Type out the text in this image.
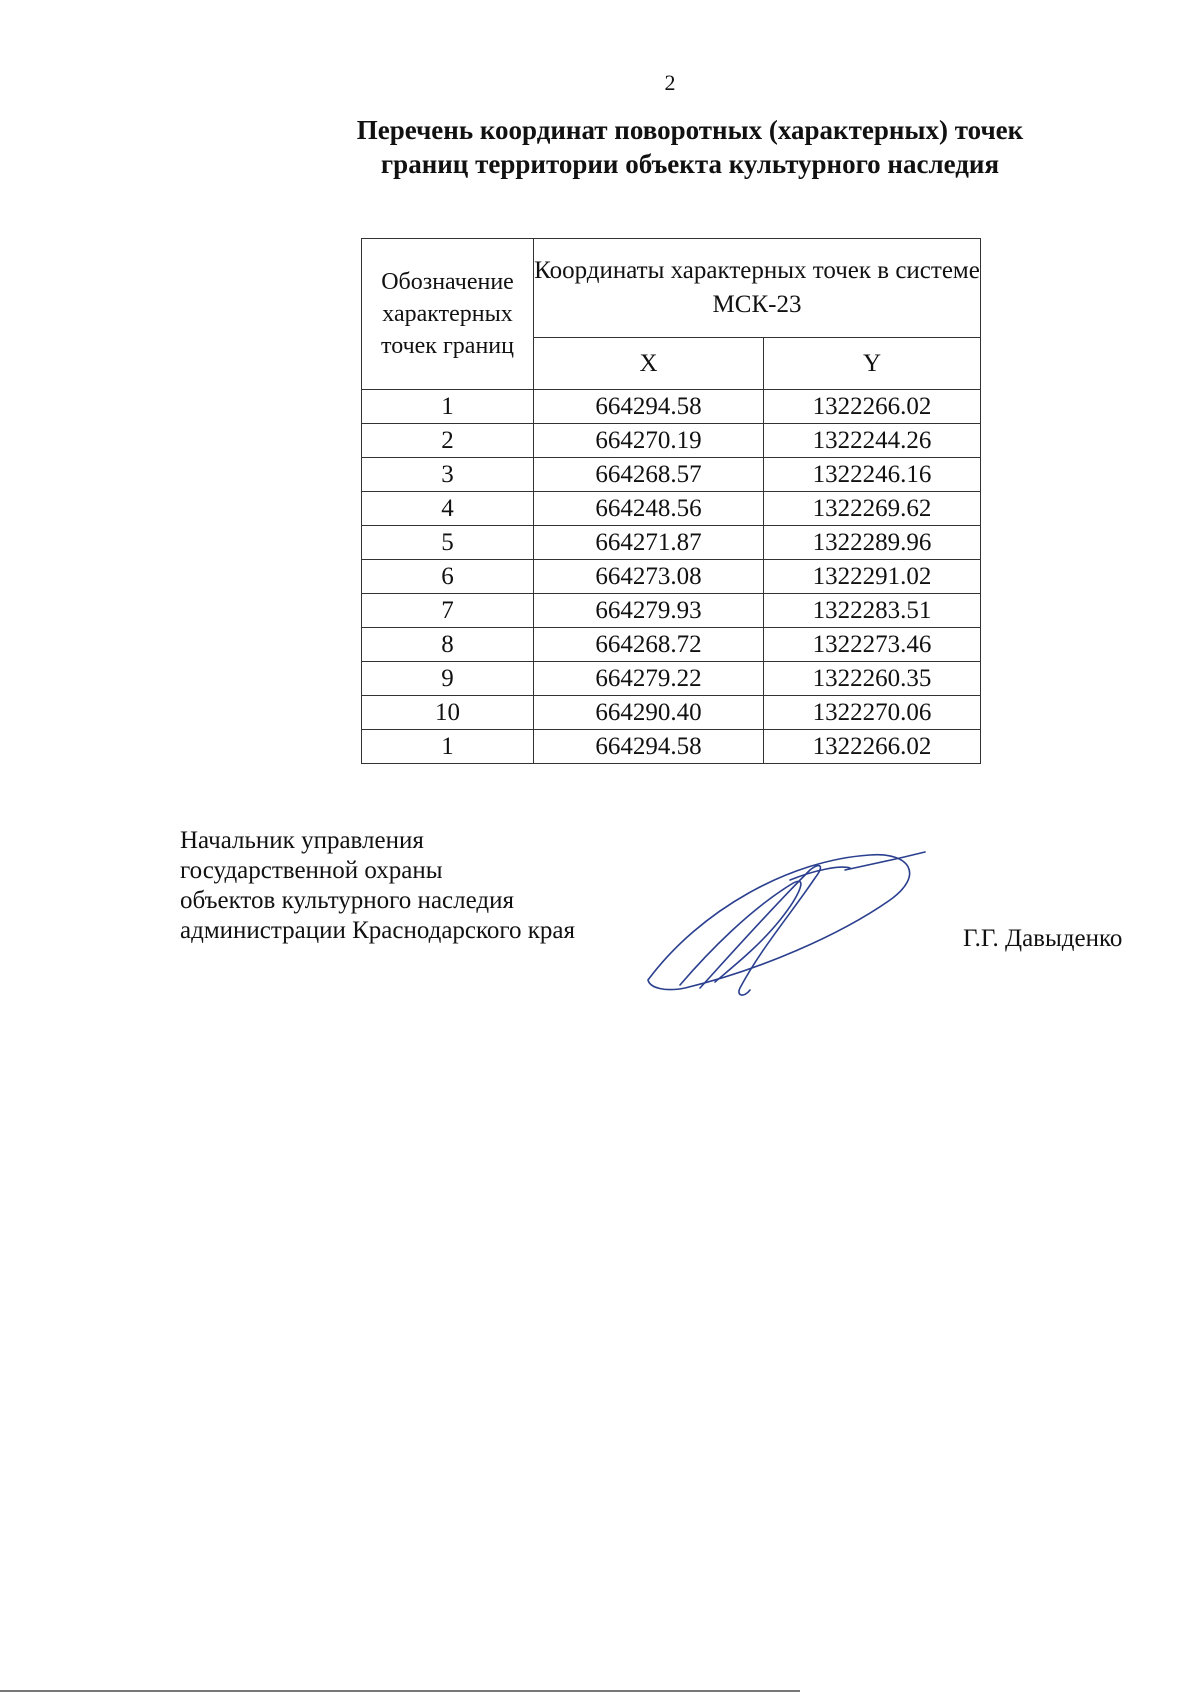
2
Перечень координат поворотных (характерных) точек
границ территории объекта культурного наследия
Обозначение характерных точек границ	Координаты характерных точек в системе МСК-23	
	X	Y
1	664294.58	1322266.02
2	664270.19	1322244.26
3	664268.57	1322246.16
4	664248.56	1322269.62
5	664271.87	1322289.96
6	664273.08	1322291.02
7	664279.93	1322283.51
8	664268.72	1322273.46
9	664279.22	1322260.35
10	664290.40	1322270.06
1	664294.58	1322266.02
Начальник управления
государственной охраны
объектов культурного наследия
администрации Краснодарского края	Г.Г. Давыденко
